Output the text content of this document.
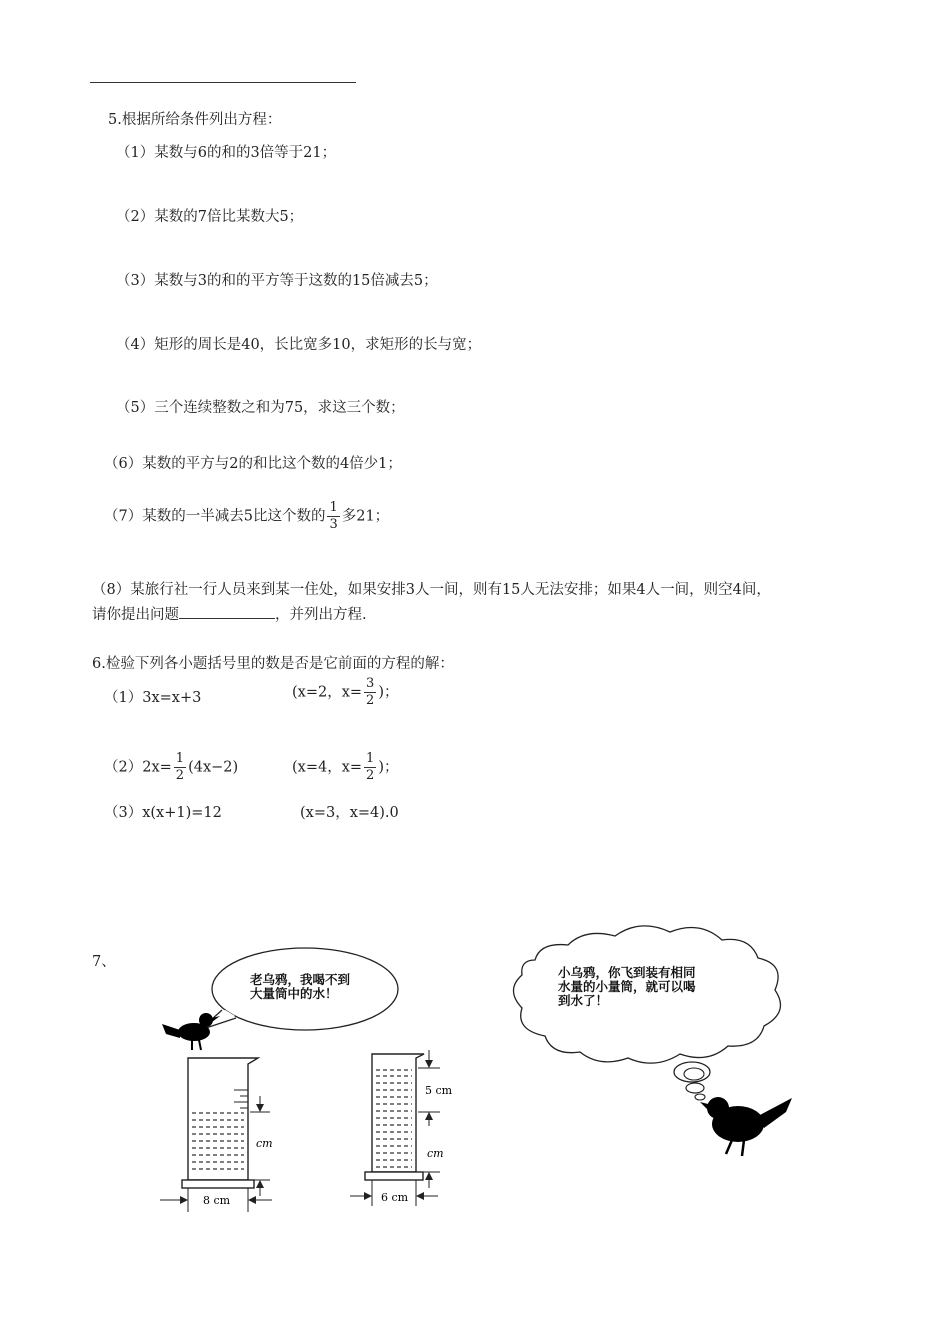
5.根据所给条件列出方程：
（1）某数与6的和的3倍等于21；
（2）某数的7倍比某数大5；
（3）某数与3的和的平方等于这数的15倍减去5；
（4）矩形的周长是40，长比宽多10，求矩形的长与宽；
（5）三个连续整数之和为75，求这三个数；
（6）某数的平方与2的和比这个数的4倍少1；
（7）某数的一半减去5比这个数的 $\frac{1}{3}$ 多21；
（8）某旅行社一行人员来到某一住处，如果安排3人一间，则有15人无法安排；如果4人一间，则空4间，
请你提出问题	，并列出方程.
6.检验下列各小题括号里的数是否是它前面的方程的解：
（1）3x=x+3	(x=2，$x= \frac{3}{2}$ )；
$(2)2x= \frac{1}{2} (4x-2)$	(x=4，$x= \frac{1}{2}$ )；
（3）x(x+1)=12	(x=3，x=4).0
7、
cm
8 cm
5 cm
cm
6 cm
老乌鸦，我喝不到
大量筒中的水！
小乌鸦，你飞到装有相同
水量的小量筒，就可以喝
到水了！
